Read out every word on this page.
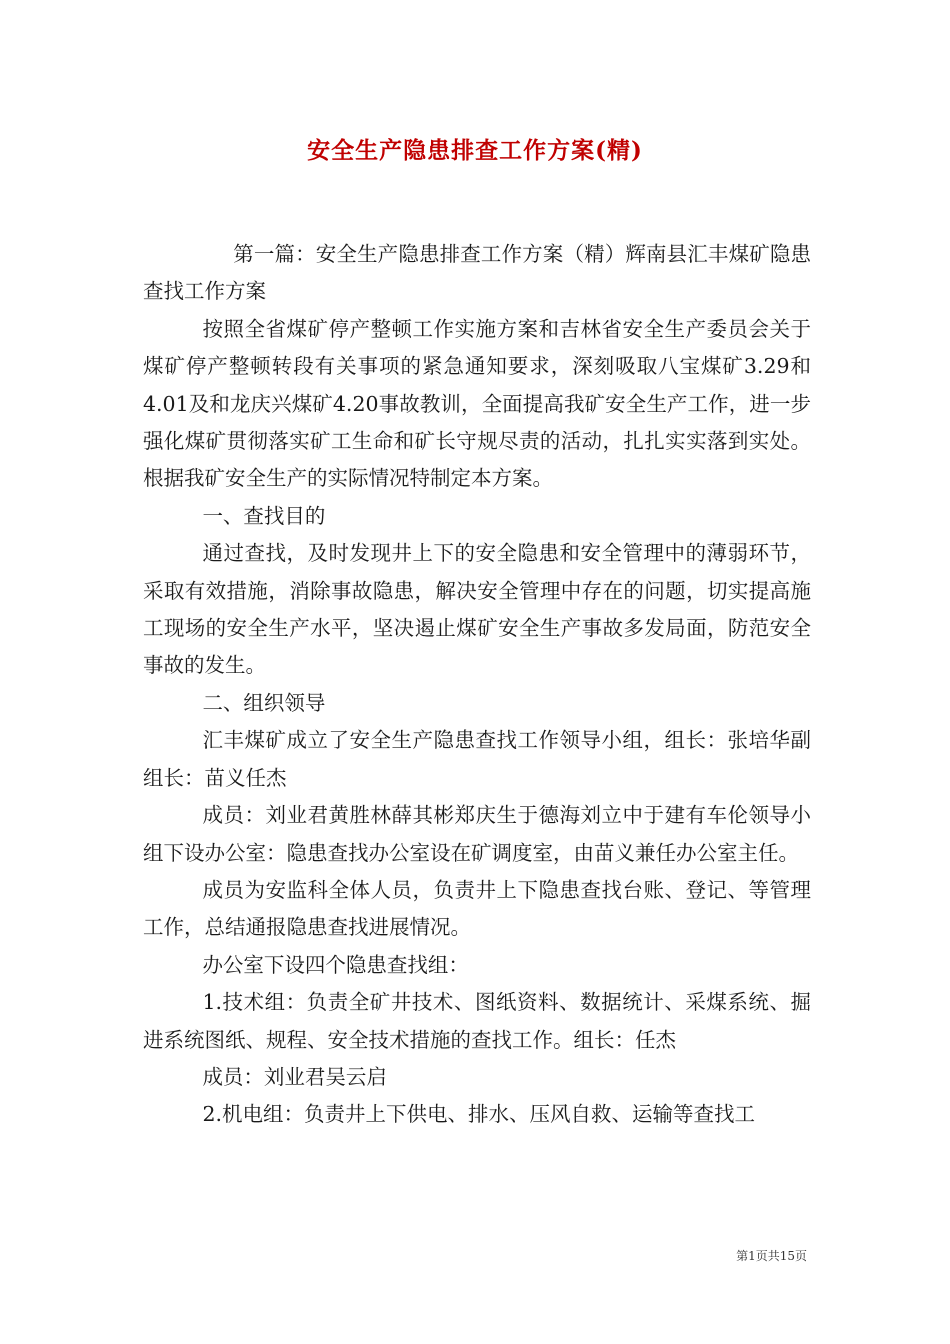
安全生产隐患排查工作方案(精)

第一篇：安全生产隐患排查工作方案（精）辉南县汇丰煤矿隐患查找工作方案

按照全省煤矿停产整顿工作实施方案和吉林省安全生产委员会关于煤矿停产整顿转段有关事项的紧急通知要求，深刻吸取八宝煤矿3.29和4.01及和龙庆兴煤矿4.20事故教训，全面提高我矿安全生产工作，进一步强化煤矿贯彻落实矿工生命和矿长守规尽责的活动，扎扎实实落到实处。根据我矿安全生产的实际情况特制定本方案。

一、查找目的

通过查找，及时发现井上下的安全隐患和安全管理中的薄弱环节，采取有效措施，消除事故隐患，解决安全管理中存在的问题，切实提高施工现场的安全生产水平，坚决遏止煤矿安全生产事故多发局面，防范安全事故的发生。

二、组织领导

汇丰煤矿成立了安全生产隐患查找工作领导小组，组长：张培华副组长：苗义任杰

成员：刘业君黄胜林薛其彬郑庆生于德海刘立中于建有车伦领导小组下设办公室：隐患查找办公室设在矿调度室，由苗义兼任办公室主任。

成员为安监科全体人员，负责井上下隐患查找台账、登记、等管理工作，总结通报隐患查找进展情况。

办公室下设四个隐患查找组：

1.技术组：负责全矿井技术、图纸资料、数据统计、采煤系统、掘进系统图纸、规程、安全技术措施的查找工作。组长：任杰

成员：刘业君吴云启

2.机电组：负责井上下供电、排水、压风自救、运输等查找工

第1页共15页
